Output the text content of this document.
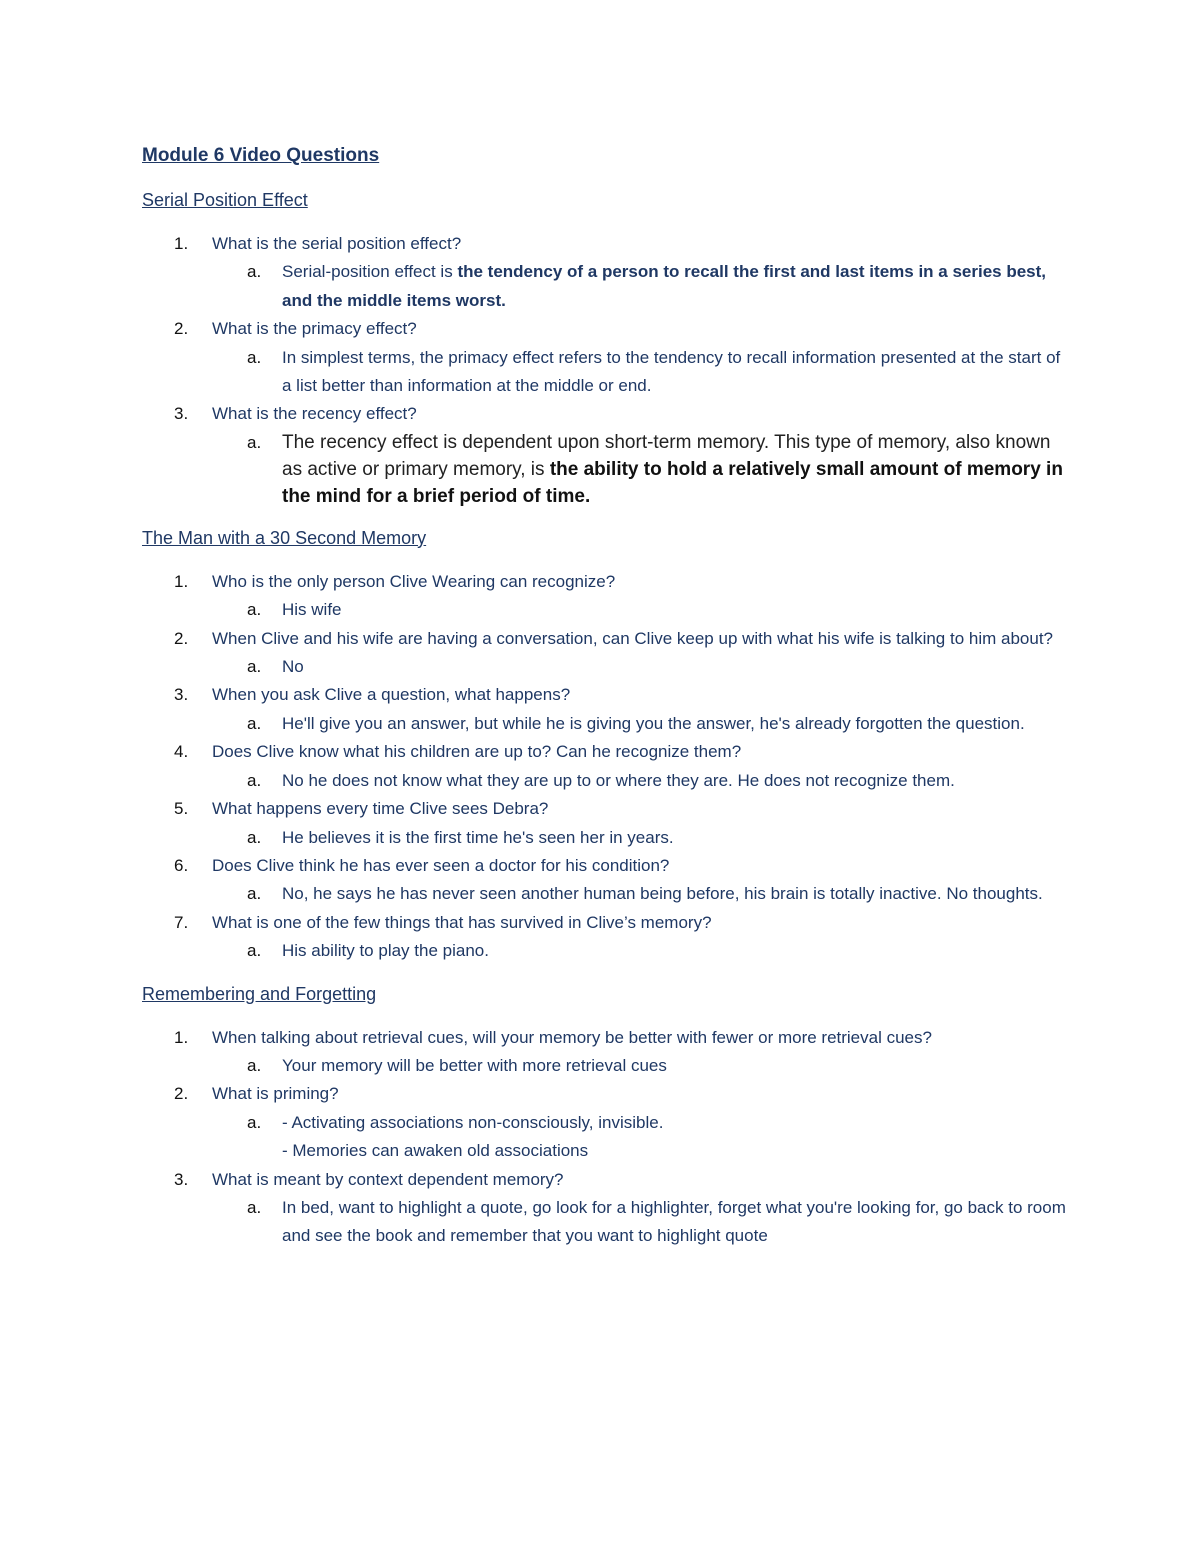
Module 6 Video Questions
Serial Position Effect
1. What is the serial position effect?
a. Serial-position effect is the tendency of a person to recall the first and last items in a series best, and the middle items worst.
2. What is the primacy effect?
a. In simplest terms, the primacy effect refers to the tendency to recall information presented at the start of a list better than information at the middle or end.
3. What is the recency effect?
a. The recency effect is dependent upon short-term memory. This type of memory, also known as active or primary memory, is the ability to hold a relatively small amount of memory in the mind for a brief period of time.
The Man with a 30 Second Memory
1. Who is the only person Clive Wearing can recognize?
a. His wife
2. When Clive and his wife are having a conversation, can Clive keep up with what his wife is talking to him about?
a. No
3. When you ask Clive a question, what happens?
a. He'll give you an answer, but while he is giving you the answer, he's already forgotten the question.
4. Does Clive know what his children are up to? Can he recognize them?
a. No he does not know what they are up to or where they are. He does not recognize them.
5. What happens every time Clive sees Debra?
a. He believes it is the first time he's seen her in years.
6. Does Clive think he has ever seen a doctor for his condition?
a. No, he says he has never seen another human being before, his brain is totally inactive. No thoughts.
7. What is one of the few things that has survived in Clive’s memory?
a. His ability to play the piano.
Remembering and Forgetting
1. When talking about retrieval cues, will your memory be better with fewer or more retrieval cues?
a. Your memory will be better with more retrieval cues
2. What is priming?
a. - Activating associations non-consciously, invisible.
- Memories can awaken old associations
3. What is meant by context dependent memory?
a. In bed, want to highlight a quote, go look for a highlighter, forget what you're looking for, go back to room and see the book and remember that you want to highlight quote
